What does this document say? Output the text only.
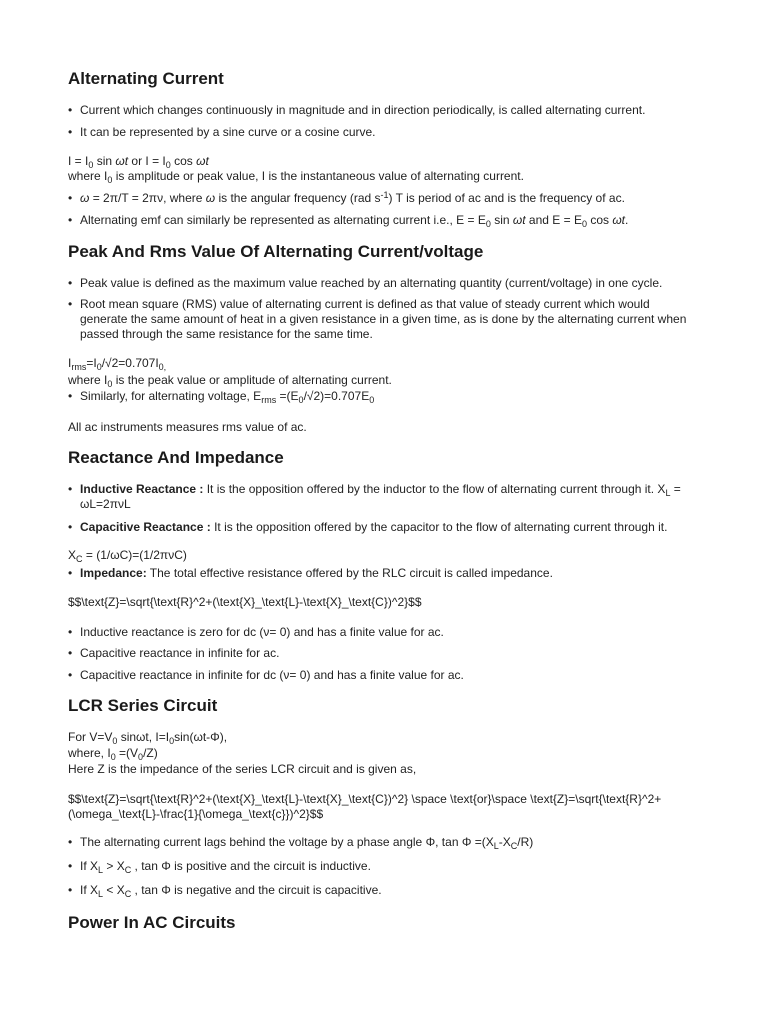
Alternating Current
• Current which changes continuously in magnitude and in direction periodically, is called alternating current.
• It can be represented by a sine curve or a cosine curve.
$I = I_0$ sin ωt or $I = I_0$ cos ωt
where $I_0$ is amplitude or peak value, I is the instantaneous value of alternating current.
• ω = 2π/T = 2πν, where ω is the angular frequency (rad $s^{-1}$) T is period of ac and is the frequency of ac.
• Alternating emf can similarly be represented as alternating current i.e., $E = E_0$ sin ωt and $E = E_0$ cos ωt.
Peak And Rms Value Of Alternating Current/voltage
• Peak value is defined as the maximum value reached by an alternating quantity (current/voltage) in one cycle.
• Root mean square (RMS) value of alternating current is defined as that value of steady current which would generate the same amount of heat in a given resistance in a given time, as is done by the alternating current when passed through the same resistance for the same time.
$I_{rms}=I_0/√2=0.707I_{0,}$
where $I_0$ is the peak value or amplitude of alternating current.
• Similarly, for alternating voltage, $E_{rms} =(E_0/√2)=0.707E_0$
All ac instruments measures rms value of ac.
Reactance And Impedance
• Inductive Reactance : It is the opposition offered by the inductor to the flow of alternating current through it. $X_L = \omega L=2\pi\nu L$
• Capacitive Reactance : It is the opposition offered by the capacitor to the flow of alternating current through it.
$X_C = (1/\omega C)=(1/2\pi\nu C)$
• Impedance: The total effective resistance offered by the RLC circuit is called impedance.
$$\text{Z}=\sqrt{\text{R}^2+(\text{X}_\text{L}-\text{X}_\text{C})^2}$$
• Inductive reactance is zero for dc (ν= 0) and has a finite value for ac.
• Capacitive reactance in infinite for ac.
• Capacitive reactance in infinite for dc (ν= 0) and has a finite value for ac.
LCR Series Circuit
For $V=V_0$ sinωt, $I=I_0\sin(\omega t-\Phi)$,
where, $I_0 =(V_0/Z)$
Here Z is the impedance of the series LCR circuit and is given as,
$$\text{Z}=\sqrt{\text{R}^2+(\text{X}_\text{L}-\text{X}_\text{C})^2} \space \text{or}\space \text{Z}=\sqrt{\text{R}^2+
(\omega_\text{L}-\frac{1}{\omega_\text{c}})^2}$$
• The alternating current lags behind the voltage by a phase angle Φ, $\tan \Phi =(X_L-X_C/R)$
• If $X_L > X_C$ , tan Φ is positive and the circuit is inductive.
• If $X_L < X_C$ , tan Φ is negative and the circuit is capacitive.
Power In AC Circuits
